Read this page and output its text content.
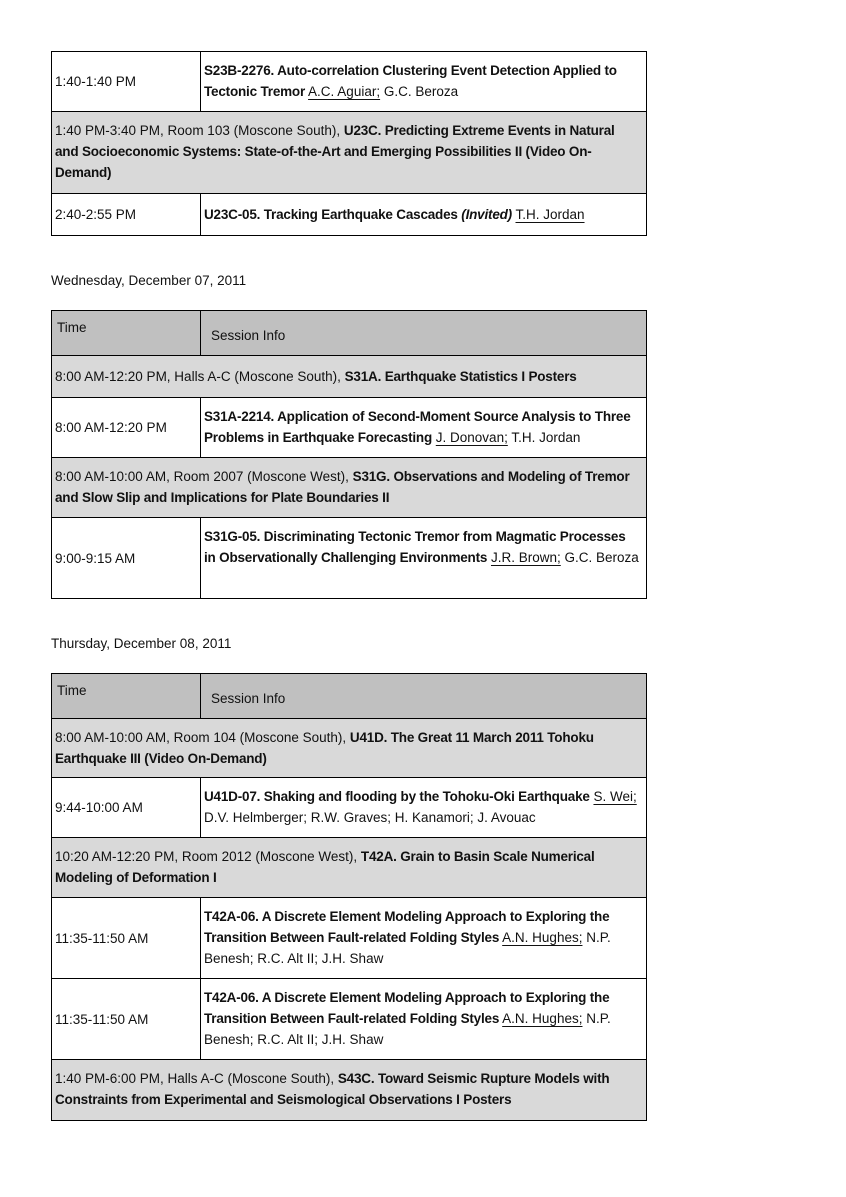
1:40-1:40 PM
S23B-2276. Auto-correlation Clustering Event Detection Applied to Tectonic Tremor A.C. Aguiar; G.C. Beroza
1:40 PM-3:40 PM, Room 103 (Moscone South), U23C. Predicting Extreme Events in Natural and Socioeconomic Systems: State-of-the-Art and Emerging Possibilities II (Video On-Demand)
2:40-2:55 PM	U23C-05. Tracking Earthquake Cascades (Invited) T.H. Jordan
Wednesday, December 07, 2011
Time
Session Info
8:00 AM-12:20 PM, Halls A-C (Moscone South), S31A. Earthquake Statistics I Posters
8:00 AM-12:20 PM
S31A-2214. Application of Second-Moment Source Analysis to Three Problems in Earthquake Forecasting J. Donovan; T.H. Jordan
8:00 AM-10:00 AM, Room 2007 (Moscone West), S31G. Observations and Modeling of Tremor and Slow Slip and Implications for Plate Boundaries II
9:00-9:15 AM
S31G-05. Discriminating Tectonic Tremor from Magmatic Processes in Observationally Challenging Environments J.R. Brown; G.C. Beroza
Thursday, December 08, 2011
Time
Session Info
8:00 AM-10:00 AM, Room 104 (Moscone South), U41D. The Great 11 March 2011 Tohoku Earthquake III (Video On-Demand)
9:44-10:00 AM
U41D-07. Shaking and flooding by the Tohoku-Oki Earthquake S. Wei; D.V. Helmberger; R.W. Graves; H. Kanamori; J. Avouac
10:20 AM-12:20 PM, Room 2012 (Moscone West), T42A. Grain to Basin Scale Numerical Modeling of Deformation I
11:35-11:50 AM
T42A-06. A Discrete Element Modeling Approach to Exploring the Transition Between Fault-related Folding Styles A.N. Hughes; N.P. Benesh; R.C. Alt II; J.H. Shaw
11:35-11:50 AM
T42A-06. A Discrete Element Modeling Approach to Exploring the Transition Between Fault-related Folding Styles A.N. Hughes; N.P. Benesh; R.C. Alt II; J.H. Shaw
1:40 PM-6:00 PM, Halls A-C (Moscone South), S43C. Toward Seismic Rupture Models with Constraints from Experimental and Seismological Observations I Posters
